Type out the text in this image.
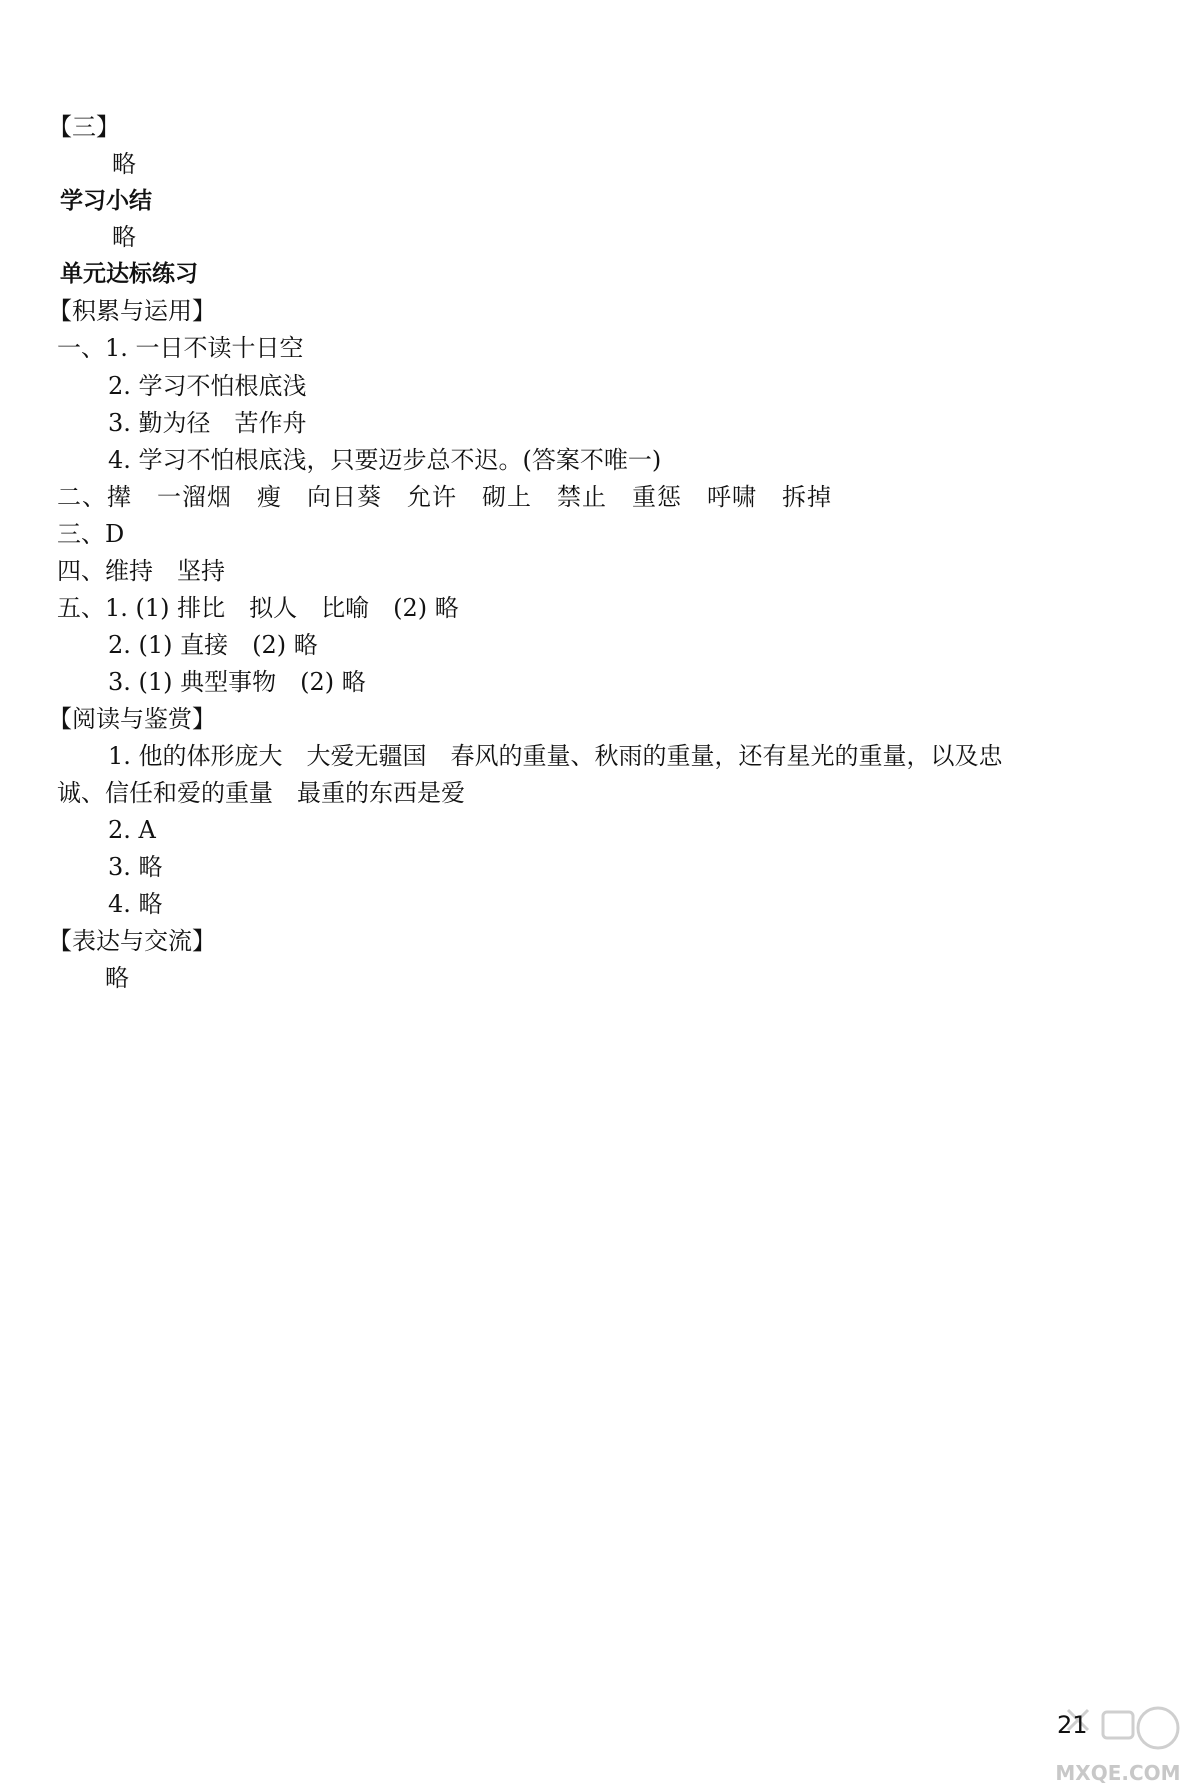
【三】
略
学习小结
略
单元达标练习
【积累与运用】
一、1. 一日不读十日空
2. 学习不怕根底浅
3. 勤为径　苦作舟
4. 学习不怕根底浅，只要迈步总不迟。(答案不唯一)
二、撵　一溜烟　瘦　向日葵　允许　砌上　禁止　重惩　呼啸　拆掉
三、D
四、维持　坚持
五、1. (1) 排比　拟人　比喻　(2) 略
2. (1) 直接　(2) 略
3. (1) 典型事物　(2) 略
【阅读与鉴赏】
1. 他的体形庞大　大爱无疆国　春风的重量、秋雨的重量，还有星光的重量，以及忠
诚、信任和爱的重量　最重的东西是爱
2. A
3. 略
4. 略
【表达与交流】
略
MXQE.COM
21
